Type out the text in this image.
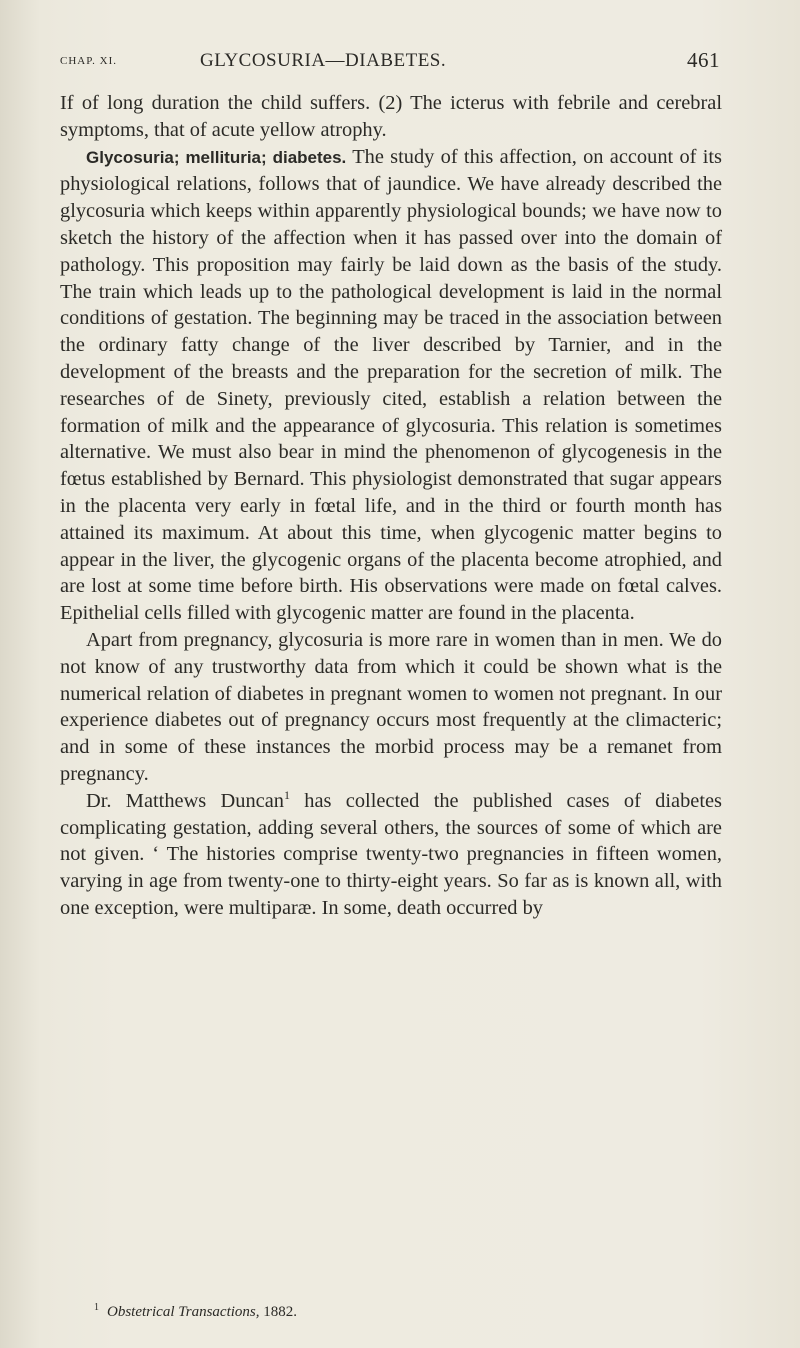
CHAP. XI.	GLYCOSURIA—DIABETES.	461

If of long duration the child suffers. (2) The icterus with febrile and cerebral symptoms, that of acute yellow atrophy.

Glycosuria; mellituria; diabetes. The study of this affection, on account of its physiological relations, follows that of jaundice. We have already described the glycosuria which keeps within apparently physiological bounds; we have now to sketch the history of the affection when it has passed over into the domain of pathology. This proposition may fairly be laid down as the basis of the study. The train which leads up to the pathological development is laid in the normal conditions of gestation. The beginning may be traced in the association between the ordinary fatty change of the liver described by Tarnier, and in the development of the breasts and the preparation for the secretion of milk. The researches of de Sinety, previously cited, establish a relation between the formation of milk and the appearance of glycosuria. This relation is sometimes alternative. We must also bear in mind the phenomenon of glycogenesis in the fœtus established by Bernard. This physiologist demonstrated that sugar appears in the placenta very early in fœtal life, and in the third or fourth month has attained its maximum. At about this time, when glycogenic matter begins to appear in the liver, the glycogenic organs of the placenta become atrophied, and are lost at some time before birth. His observations were made on fœtal calves. Epithelial cells filled with glycogenic matter are found in the placenta.

Apart from pregnancy, glycosuria is more rare in women than in men. We do not know of any trustworthy data from which it could be shown what is the numerical relation of diabetes in pregnant women to women not pregnant. In our experience diabetes out of pregnancy occurs most frequently at the climacteric; and in some of these instances the morbid process may be a remanet from pregnancy.

Dr. Matthews Duncan$^1$ has collected the published cases of diabetes complicating gestation, adding several others, the sources of some of which are not given. ‘ The histories comprise twenty-two pregnancies in fifteen women, varying in age from twenty-one to thirty-eight years. So far as is known all, with one exception, were multiparæ. In some, death occurred by

$^1$ Obstetrical Transactions, 1882.
